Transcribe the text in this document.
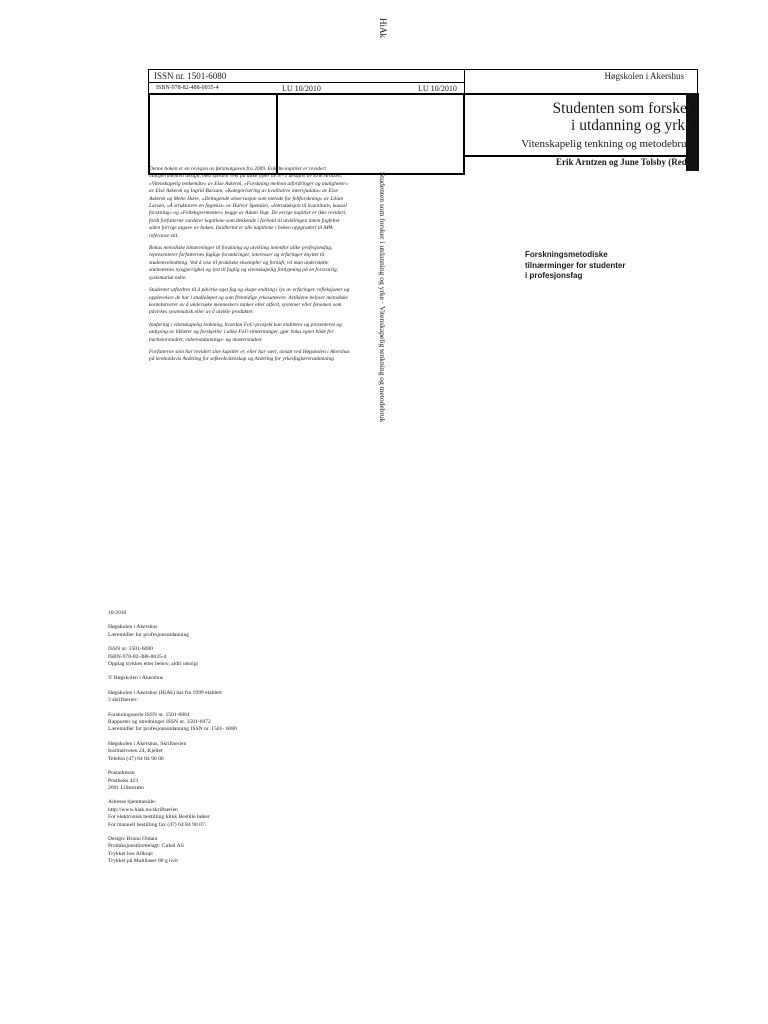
HiAk
ISSN nr. 1501-6080
ISBN-978-82-488-0035-4	LU 10/2010	LU 10/2010
Høgskolen i Akershus
Studenten som forsker
i utdanning og yrke
Vitenskapelig tenkning og metodebruk
Erik Arntzen og June Tolsby (Red.)
Studenten som forsker i utdanning og yrke · Vitenskapelig tenkning og metodebruk

Denne boken er en revisjon av førsteutgaven fra 2009. Enkelte kapitler er revidert «Eksperimentell design, med spesiell vekt på ulike typer av N=1 design» av Erik Arntzen, «Vitenskapelig tenkemåte» av Else Askerøi, «Forskning mellom utfordringer og muligheter» av Else Askerøi og Ingrid Barsum, «Kategorisering av kvalitative intervjudata» av Else Askerøi og Mette Hære, «Deltagende observasjon som metode for feltforskning» av Lilian Larsen, «Å strukturere en fagtekst» av Halvor Spetalen, «Introduksjon til kvantitativ, kausal forskning» og «Feltekspermenter» begge av Adam Vogt. De øvrige kapitler er ikke revidert, fordi forfatterne vurderer kapitlene som dekkende i forhold til utviklingen innen fagfeltet siden forrige utgave av boken. Imidlertid er alle kapitlene i boken oppgradert til APA referanse stil.

Bokas metodiske tilnærminger til forskning og utvikling innenfor ulike profesjonsfag, representerer forfatternes faglige forankringer, interesser og erfaringer knyttet til studentveiledning. Ved å vise til praktiske eksempler og fornuft, vil man understøtte studentenes nysgjerrighet og lyst til faglig og vitenskapelig fordypning på en forsvarlig, systematisk måte.

Studenter utfordres til å påvirke eget fag og skape endring i lys av erfaringer, refleksjoner og opplevelser de har i studieløpet og som fremtidige yrkesutøvere. Artiklene belyser metodiske kontekstvarer av å undersøke menneskers tanker eller atferd, systemer eller fenomen som påvirkes systematisk eller av å utvikle produkter.

Innføring i vitenskapelig tenkning, hvordan FoU-prosjekt kan etableres og presenteres og utdyping av likheter og forskjeller i ulike FoU-tilnærminger, gjør boka egnet både for bachelorstudier, videreutdannings- og masterstudier.

Forfatterne som har revidert sine kapitler er, eller har vært, ansatt ved Høgskolen i Akershus på henholdsvis Avdeling for sefkeokvitenskap og Avdeling for yrkesfaglærerutdanning

Forskningsmetodiske
tilnærminger for studenter
i profesjonsfag
10/2010
Høgskolen i Akershus
Læremidler for profesjonsutdanning
ISSN nr. 1501-6080
ISBN-978-82-488-0035-4
Opplag trykkes etter behov, aldri utsolgt
© Høgskolen i Akershus
Høgskolen i Akershus (HiAk) har fra 1999 etablert
3 skriftserier:
Forskningsserie ISSN nr. 1501-6064
Rapporter og utredninger ISSN nr. 1501-6072
Læremidler for profesjonsutdanning ISSN nr. 1501- 6080
Høgskolen i Akershus, Skriftserien
Instituttveien 24, Kjeller
Telefon (47) 64 84 90 00
Postadresse:
Postboks 423
2001 Lillestrøm
Adresse hjemmeside:
http://www.hiak.no/skriftserien
For elektronisk bestilling klikk Bestille bøker
For manuell bestilling fax (47) 64 84 90 07.
Design: Bruno Oldani
Produksjonstilrettelagt: Cirkel AS
Trykket hos Allkopi
Trykket på Multilaser 80 g hvit
